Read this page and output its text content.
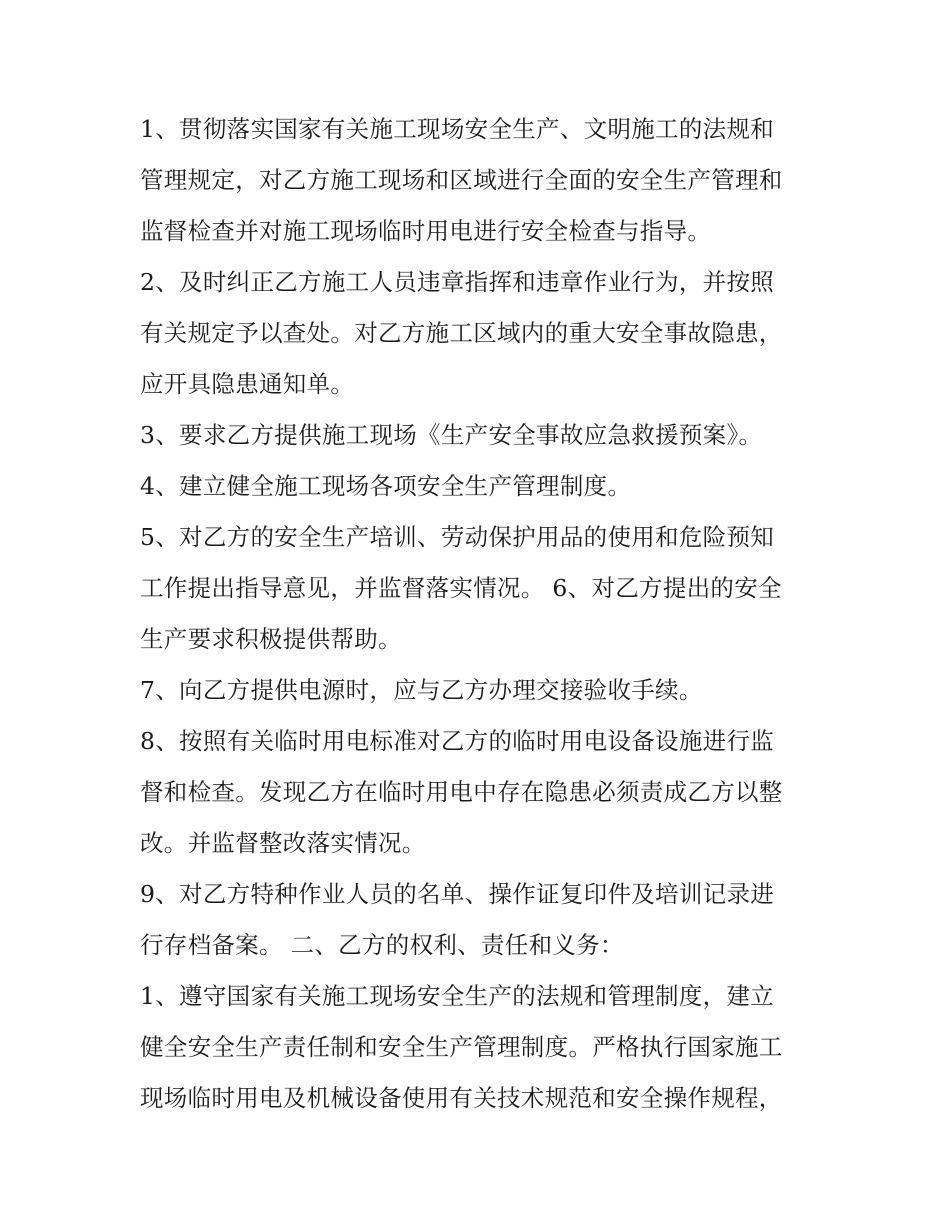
1、贯彻落实国家有关施工现场安全生产、文明施工的法规和
管理规定，对乙方施工现场和区域进行全面的安全生产管理和
监督检查并对施工现场临时用电进行安全检查与指导。
2、及时纠正乙方施工人员违章指挥和违章作业行为，并按照
有关规定予以查处。对乙方施工区域内的重大安全事故隐患，
应开具隐患通知单。
3、要求乙方提供施工现场《生产安全事故应急救援预案》。
4、建立健全施工现场各项安全生产管理制度。
5、对乙方的安全生产培训、劳动保护用品的使用和危险预知
工作提出指导意见，并监督落实情况。 6、对乙方提出的安全
生产要求积极提供帮助。
7、向乙方提供电源时，应与乙方办理交接验收手续。
8、按照有关临时用电标准对乙方的临时用电设备设施进行监
督和检查。发现乙方在临时用电中存在隐患必须责成乙方以整
改。并监督整改落实情况。
9、对乙方特种作业人员的名单、操作证复印件及培训记录进
行存档备案。 二、乙方的权利、责任和义务：
1、遵守国家有关施工现场安全生产的法规和管理制度，建立
健全安全生产责任制和安全生产管理制度。严格执行国家施工
现场临时用电及机械设备使用有关技术规范和安全操作规程，
